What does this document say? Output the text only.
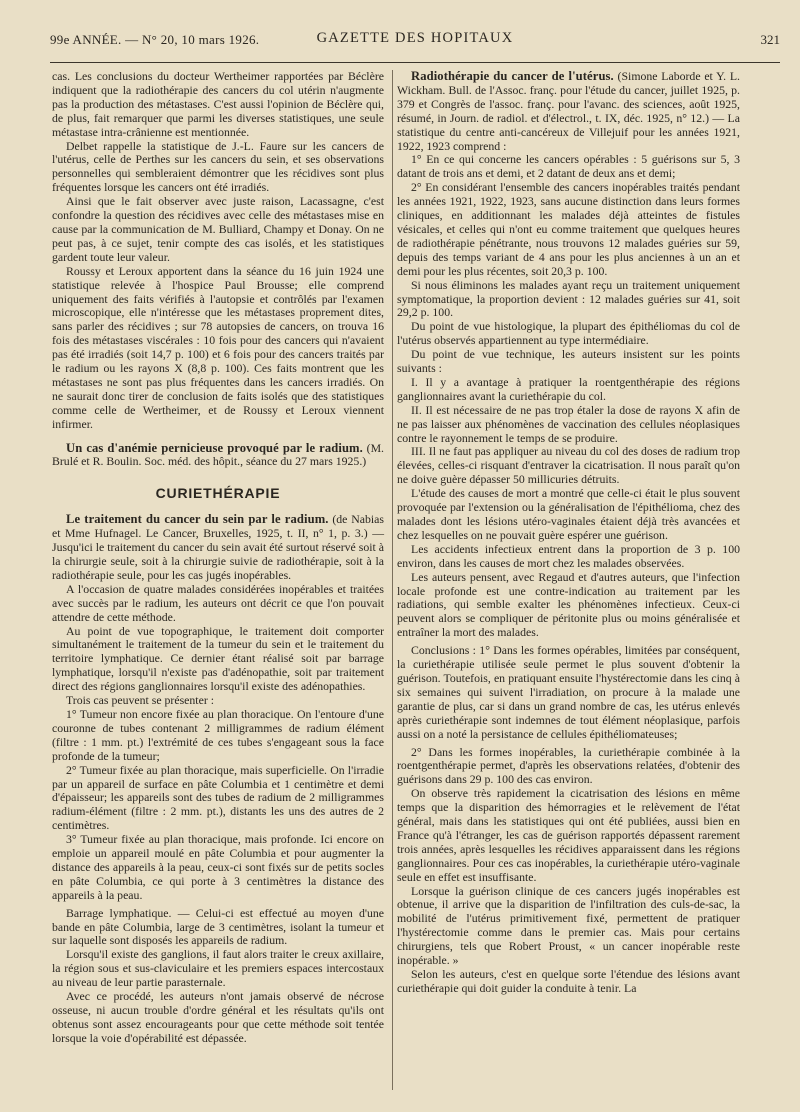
99e ANNÉE. — N° 20, 10 mars 1926.	GAZETTE DES HOPITAUX	321

cas. Les conclusions du docteur Wertheimer rapportées par Béclère indiquent que la radiothérapie des cancers du col utérin n'augmente pas la production des métastases. C'est aussi l'opinion de Béclère qui, de plus, fait remarquer que parmi les diverses statistiques, une seule métastase intra-crânienne est mentionnée.

Delbet rappelle la statistique de J.-L. Faure sur les cancers de l'utérus, celle de Perthes sur les cancers du sein, et ses observations personnelles qui sembleraient démontrer que les récidives sont plus fréquentes lorsque les cancers ont été irradiés.

Ainsi que le fait observer avec juste raison, Lacassagne, c'est confondre la question des récidives avec celle des métastases mise en cause par la communication de M. Bulliard, Champy et Donay. On ne peut pas, à ce sujet, tenir compte des cas isolés, et les statistiques gardent toute leur valeur.

Roussy et Leroux apportent dans la séance du 16 juin 1924 une statistique relevée à l'hospice Paul Brousse; elle comprend uniquement des faits vérifiés à l'autopsie et contrôlés par l'examen microscopique, elle n'intéresse que les métastases proprement dites, sans parler des récidives ; sur 78 autopsies de cancers, on trouva 16 fois des métastases viscérales : 10 fois pour des cancers qui n'avaient pas été irradiés (soit 14,7 p. 100) et 6 fois pour des cancers traités par le radium ou les rayons X (8,8 p. 100). Ces faits montrent que les métastases ne sont pas plus fréquentes dans les cancers irradiés. On ne saurait donc tirer de conclusion de faits isolés que des statistiques comme celle de Wertheimer, et de Roussy et Leroux viennent infirmer.

Un cas d'anémie pernicieuse provoqué par le radium. (M. Brulé et R. Boulin. Soc. méd. des hôpit., séance du 27 mars 1925.)

CURIETHÉRAPIE

Le traitement du cancer du sein par le radium. (de Nabias et Mme Hufnagel. Le Cancer, Bruxelles, 1925, t. II, n° 1, p. 3.) — Jusqu'ici le traitement du cancer du sein avait été surtout réservé soit à la chirurgie seule, soit à la chirurgie suivie de radiothérapie, soit à la radiothérapie seule, pour les cas jugés inopérables.

A l'occasion de quatre malades considérées inopérables et traitées avec succès par le radium, les auteurs ont décrit ce que l'on pouvait attendre de cette méthode.

Au point de vue topographique, le traitement doit comporter simultanément le traitement de la tumeur du sein et le traitement du territoire lymphatique. Ce dernier étant réalisé soit par barrage lymphatique, lorsqu'il n'existe pas d'adénopathie, soit par traitement direct des régions ganglionnaires lorsqu'il existe des adénopathies.

Trois cas peuvent se présenter :

1° Tumeur non encore fixée au plan thoracique. On l'entoure d'une couronne de tubes contenant 2 milligrammes de radium élément (filtre : 1 mm. pt.) l'extrémité de ces tubes s'engageant sous la face profonde de la tumeur;

2° Tumeur fixée au plan thoracique, mais superficielle. On l'irradie par un appareil de surface en pâte Columbia et 1 centimètre et demi d'épaisseur; les appareils sont des tubes de radium de 2 milligrammes radium-élément (filtre : 2 mm. pt.), distants les uns des autres de 2 centimètres.

3° Tumeur fixée au plan thoracique, mais profonde. Ici encore on emploie un appareil moulé en pâte Columbia et pour augmenter la distance des appareils à la peau, ceux-ci sont fixés sur de petits socles en pâte Columbia, ce qui porte à 3 centimètres la distance des appareils à la peau.

Barrage lymphatique. — Celui-ci est effectué au moyen d'une bande en pâte Columbia, large de 3 centimètres, isolant la tumeur et sur laquelle sont disposés les appareils de radium.

Lorsqu'il existe des ganglions, il faut alors traiter le creux axillaire, la région sous et sus-claviculaire et les premiers espaces intercostaux au niveau de leur partie parasternale.

Avec ce procédé, les auteurs n'ont jamais observé de nécrose osseuse, ni aucun trouble d'ordre général et les résultats qu'ils ont obtenus sont assez encourageants pour que cette méthode soit tentée lorsque la voie d'opérabilité est dépassée.

Radiothérapie du cancer de l'utérus. (Simone Laborde et Y. L. Wickham. Bull. de l'Assoc. franç. pour l'étude du cancer, juillet 1925, p. 379 et Congrès de l'assoc. franç. pour l'avanc. des sciences, août 1925, résumé, in Journ. de radiol. et d'électrol., t. IX, déc. 1925, n° 12.) — La statistique du centre anti-cancéreux de Villejuif pour les années 1921, 1922, 1923 comprend :

1° En ce qui concerne les cancers opérables : 5 guérisons sur 5, 3 datant de trois ans et demi, et 2 datant de deux ans et demi;

2° En considérant l'ensemble des cancers inopérables traités pendant les années 1921, 1922, 1923, sans aucune distinction dans leurs formes cliniques, en additionnant les malades déjà atteintes de fistules vésicales, et celles qui n'ont eu comme traitement que quelques heures de radiothérapie pénétrante, nous trouvons 12 malades guéries sur 59, depuis des temps variant de 4 ans pour les plus anciennes à un an et demi pour les plus récentes, soit 20,3 p. 100.

Si nous éliminons les malades ayant reçu un traitement uniquement symptomatique, la proportion devient : 12 malades guéries sur 41, soit 29,2 p. 100.

Du point de vue histologique, la plupart des épithéliomas du col de l'utérus observés appartiennent au type intermédiaire.

Du point de vue technique, les auteurs insistent sur les points suivants :

I. Il y a avantage à pratiquer la roentgenthérapie des régions ganglionnaires avant la curiethérapie du col.

II. Il est nécessaire de ne pas trop étaler la dose de rayons X afin de ne pas laisser aux phénomènes de vaccination des cellules néoplasiques contre le rayonnement le temps de se produire.

III. Il ne faut pas appliquer au niveau du col des doses de radium trop élevées, celles-ci risquant d'entraver la cicatrisation. Il nous paraît qu'on ne doive guère dépasser 50 millicuries détruits.

L'étude des causes de mort a montré que celle-ci était le plus souvent provoquée par l'extension ou la généralisation de l'épithélioma, chez des malades dont les lésions utéro-vaginales étaient déjà très avancées et chez lesquelles on ne pouvait guère espérer une guérison.

Les accidents infectieux entrent dans la proportion de 3 p. 100 environ, dans les causes de mort chez les malades observées.

Les auteurs pensent, avec Regaud et d'autres auteurs, que l'infection locale profonde est une contre-indication au traitement par les radiations, qui semble exalter les phénomènes infectieux. Ceux-ci peuvent alors se compliquer de péritonite plus ou moins généralisée et entraîner la mort des malades.

Conclusions : 1° Dans les formes opérables, limitées par conséquent, la curiethérapie utilisée seule permet le plus souvent d'obtenir la guérison. Toutefois, en pratiquant ensuite l'hystérectomie dans les cinq à six semaines qui suivent l'irradiation, on procure à la malade une garantie de plus, car si dans un grand nombre de cas, les utérus enlevés après curiethérapie sont indemnes de tout élément néoplasique, parfois aussi on a noté la persistance de cellules épithéliomateuses;

2° Dans les formes inopérables, la curiethérapie combinée à la roentgenthérapie permet, d'après les observations relatées, d'obtenir des guérisons dans 29 p. 100 des cas environ.

On observe très rapidement la cicatrisation des lésions en même temps que la disparition des hémorragies et le relèvement de l'état général, mais dans les statistiques qui ont été publiées, aussi bien en France qu'à l'étranger, les cas de guérison rapportés dépassent rarement trois années, après lesquelles les récidives apparaissent dans les régions ganglionnaires. Pour ces cas inopérables, la curiethérapie utéro-vaginale seule en effet est insuffisante.

Lorsque la guérison clinique de ces cancers jugés inopérables est obtenue, il arrive que la disparition de l'infiltration des culs-de-sac, la mobilité de l'utérus primitivement fixé, permettent de pratiquer l'hystérectomie comme dans le premier cas. Mais pour certains chirurgiens, tels que Robert Proust, « un cancer inopérable reste inopérable. »

Selon les auteurs, c'est en quelque sorte l'étendue des lésions avant curiethérapie qui doit guider la conduite à tenir. La
